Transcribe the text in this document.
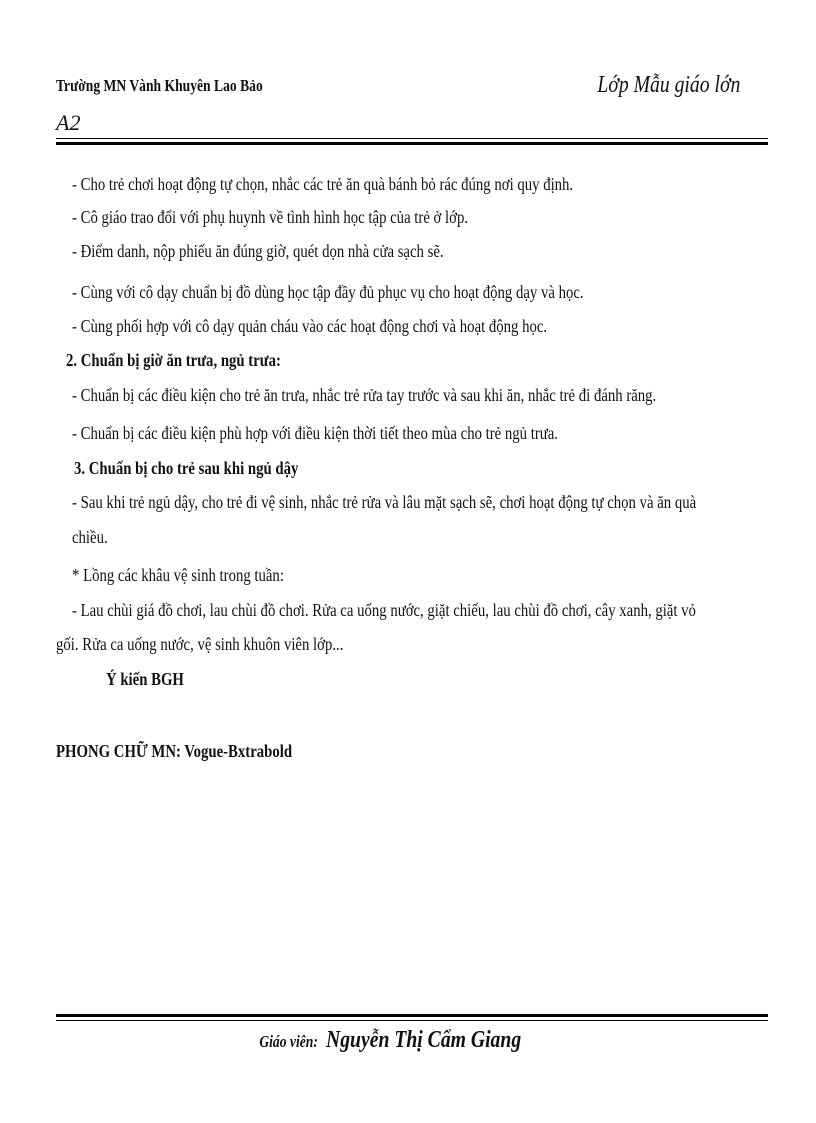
Trường MN Vành Khuyên Lao Bảo	Lớp Mẫu giáo lớn
A2
- Cho trẻ chơi hoạt động tự chọn, nhắc các trẻ ăn quà bánh bỏ rác đúng nơi quy định.
- Cô giáo trao đổi với phụ huynh về tình hình học tập của trẻ ở lớp.
- Điểm danh, nộp phiếu ăn đúng giờ, quét dọn nhà cửa sạch sẽ.
- Cùng với cô dạy chuẩn bị đồ dùng học tập đầy đủ phục vụ cho hoạt động dạy và học.
- Cùng phối hợp với cô dạy quản cháu vào các hoạt động chơi và hoạt động học.
2. Chuẩn bị giờ ăn trưa, ngủ trưa:
- Chuẩn bị các điều kiện cho trẻ ăn trưa, nhắc trẻ rửa tay trước và sau khi ăn, nhắc trẻ đi đánh răng.
- Chuẩn bị các điều kiện phù hợp với điều kiện thời tiết theo mùa cho trẻ ngủ trưa.
3. Chuẩn bị cho trẻ sau khi ngủ dậy
- Sau khi trẻ ngủ dậy, cho trẻ đi vệ sinh, nhắc trẻ rửa và lâu mặt sạch sẽ, chơi hoạt động tự chọn và ăn quà
chiều.
* Lồng các khâu vệ sinh trong tuần:
- Lau chùi giá đồ chơi, lau chùi đồ chơi. Rửa ca uống nước, giặt chiếu, lau chùi đồ chơi, cây xanh, giặt vỏ
gối. Rửa ca uống nước, vệ sinh khuôn viên lớp...
Ý kiến BGH
PHONG CHỮ MN: Vogue-Bxtrabold
Giáo viên:Nguyễn Thị Cẩm Giang
